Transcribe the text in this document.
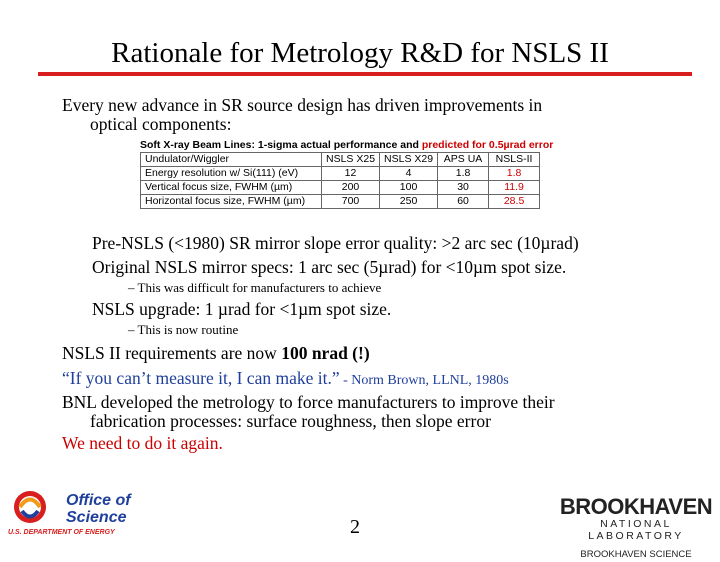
Rationale for Metrology R&D for NSLS II
Every new advance in SR source design has driven improvements in
optical components:
Soft X-ray Beam Lines: 1-sigma actual performance and predicted for 0.5µrad error
Undulator/Wiggler	NSLS X25	NSLS X29	APS UA	NSLS-II
Energy resolution w/ Si(111) (eV)	12	4	1.8	1.8
Vertical focus size, FWHM (µm)	200	100	30	11.9
Horizontal focus size, FWHM (µm)	700	250	60	28.5
Pre-NSLS (<1980) SR mirror slope error quality: >2 arc sec (10µrad)
Original NSLS mirror specs: 1 arc sec (5µrad) for <10µm spot size.
– This was difficult for manufacturers to achieve
NSLS upgrade: 1 µrad for <1µm spot size.
– This is now routine
NSLS II requirements are now 100 nrad (!)
“If you can’t measure it, I can make it.” - Norm Brown, LLNL, 1980s
BNL developed the metrology to force manufacturers to improve their
fabrication processes: surface roughness, then slope error
We need to do it again.
Office of
Science
U.S. DEPARTMENT OF ENERGY	2
BROOKHAVEN
NATIONAL LABORATORY
BROOKHAVEN SCIENCE
